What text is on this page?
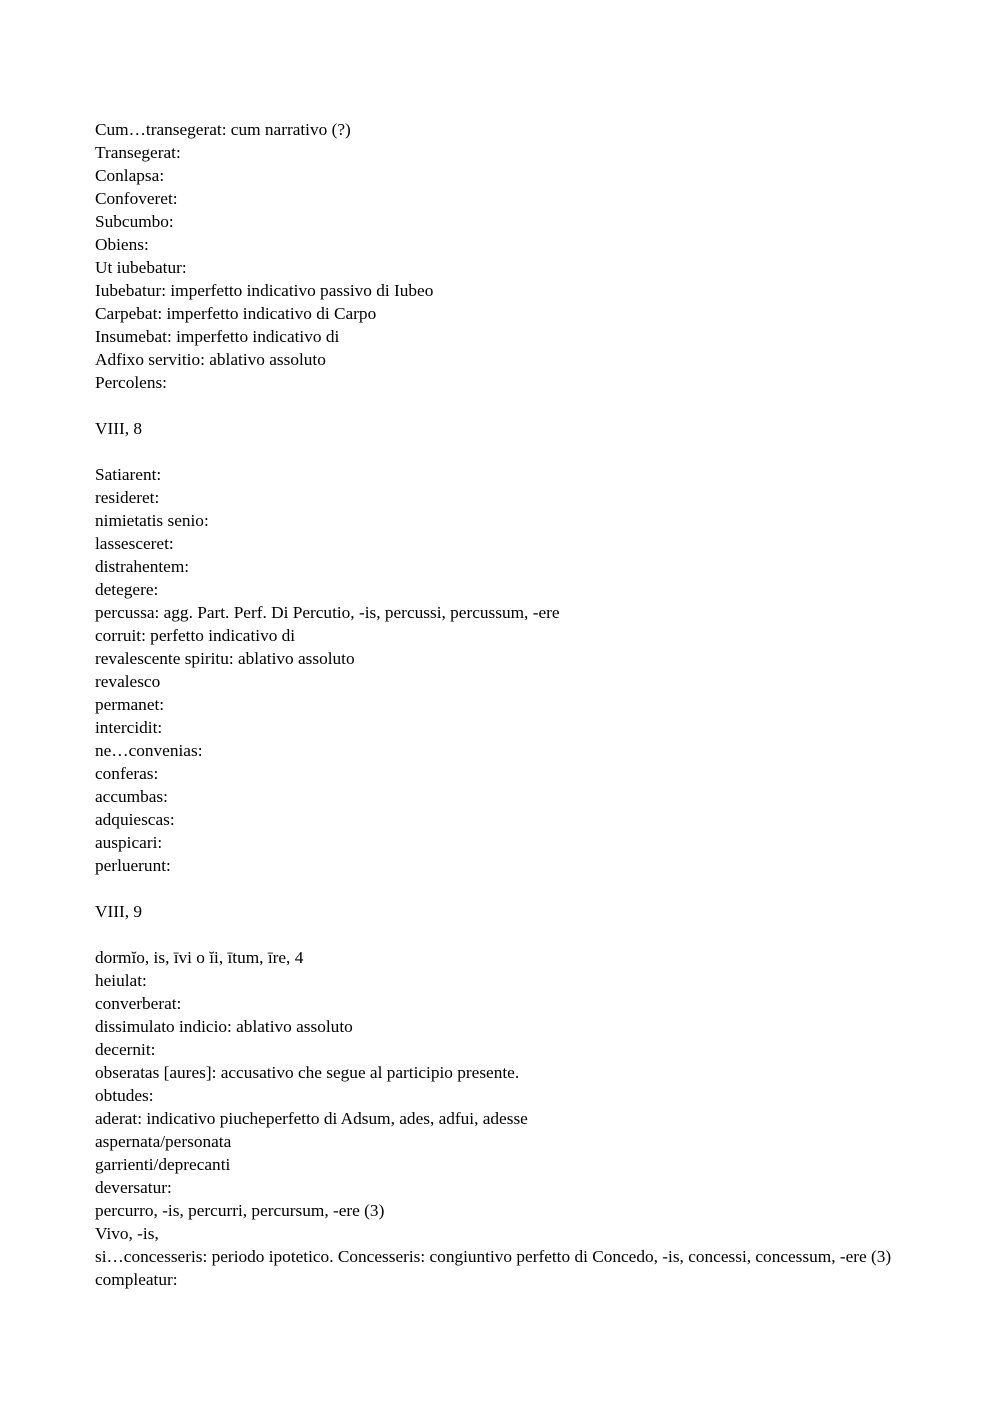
Cum…transegerat: cum narrativo (?)
Transegerat:
Conlapsa:
Confoveret:
Subcumbo:
Obiens:
Ut iubebatur:
Iubebatur: imperfetto indicativo passivo di Iubeo
Carpebat: imperfetto indicativo di Carpo
Insumebat: imperfetto indicativo di
Adfixo servitio: ablativo assoluto
Percolens:
VIII, 8
Satiarent:
resideret:
nimietatis senio:
lassesceret:
distrahentem:
detegere:
percussa: agg. Part. Perf. Di Percutio, -is, percussi, percussum, -ere
corruit: perfetto indicativo di
revalescente spiritu: ablativo assoluto
revalesco
permanet:
intercidit:
ne…convenias:
conferas:
accumbas:
adquiescas:
auspicari:
perluerunt:
VIII, 9
dormĭo, is, īvi o ĭi, ītum, īre, 4
heiulat:
converberat:
dissimulato indicio: ablativo assoluto
decernit:
obseratas [aures]: accusativo che segue al participio presente.
obtudes:
aderat: indicativo piucheperfetto di Adsum, ades, adfui, adesse
aspernata/personata
garrienti/deprecanti
deversatur:
percurro, -is, percurri, percursum, -ere (3)
Vivo, -is,
si…concesseris: periodo ipotetico. Concesseris: congiuntivo perfetto di Concedo, -is, concessi, concessum, -ere (3)
compleatur:
